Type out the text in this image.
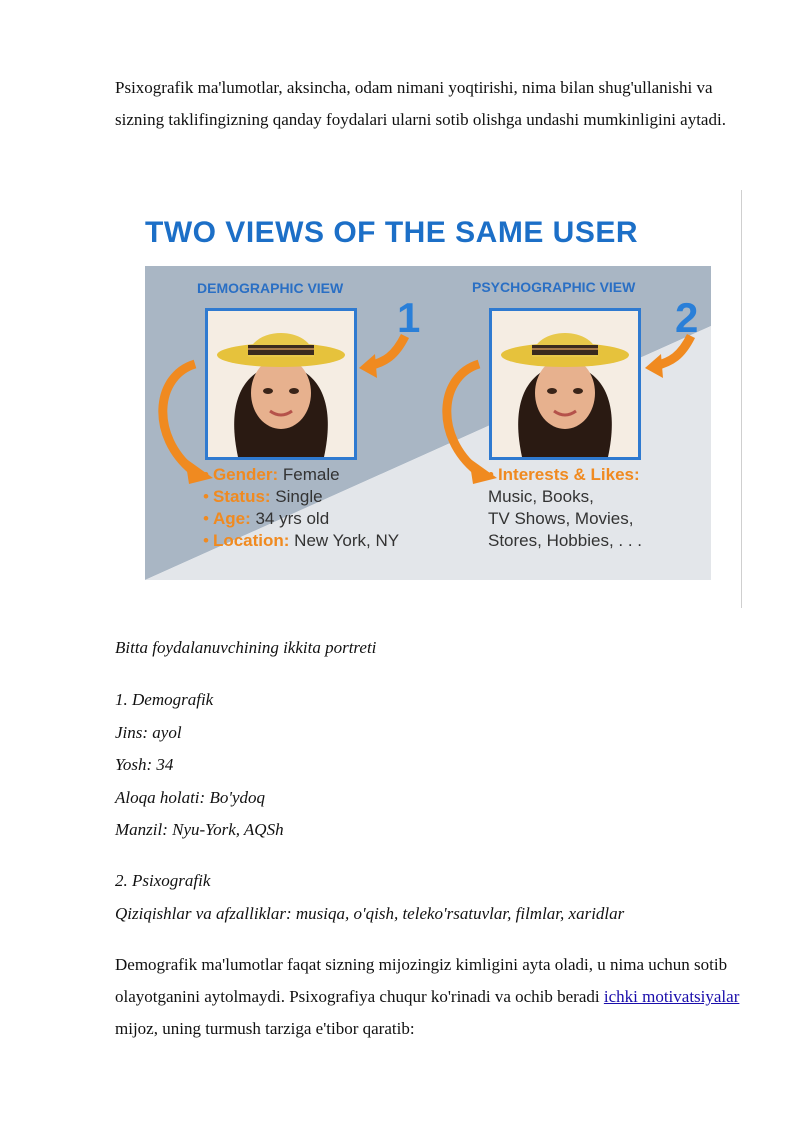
Psixografik ma'lumotlar, aksincha, odam nimani yoqtirishi, nima bilan shug'ullanishi va sizning taklifingizning qanday foydalari ularni sotib olishga undashi mumkinligini aytadi.

TWO VIEWS OF THE SAME USER
DEMOGRAPHIC VIEW	PSYCHOGRAPHIC VIEW
1	2
• Gender: Female
• Status: Single
• Age: 34 yrs old
• Location: New York, NY
• Interests & Likes:
Music, Books,
TV Shows, Movies,
Stores, Hobbies, . . .
Bitta foydalanuvchining ikkita portreti
1. Demografik
Jins: ayol
Yosh: 34
Aloqa holati: Bo'ydoq
Manzil: Nyu-York, AQSh
2. Psixografik
Qiziqishlar va afzalliklar: musiqa, o'qish, teleko'rsatuvlar, filmlar, xaridlar

Demografik ma'lumotlar faqat sizning mijozingiz kimligini ayta oladi, u nima uchun sotib olayotganini aytolmaydi. Psixografiya chuqur ko'rinadi va ochib beradi ichki motivatsiyalar mijoz, uning turmush tarziga e'tibor qaratib:
